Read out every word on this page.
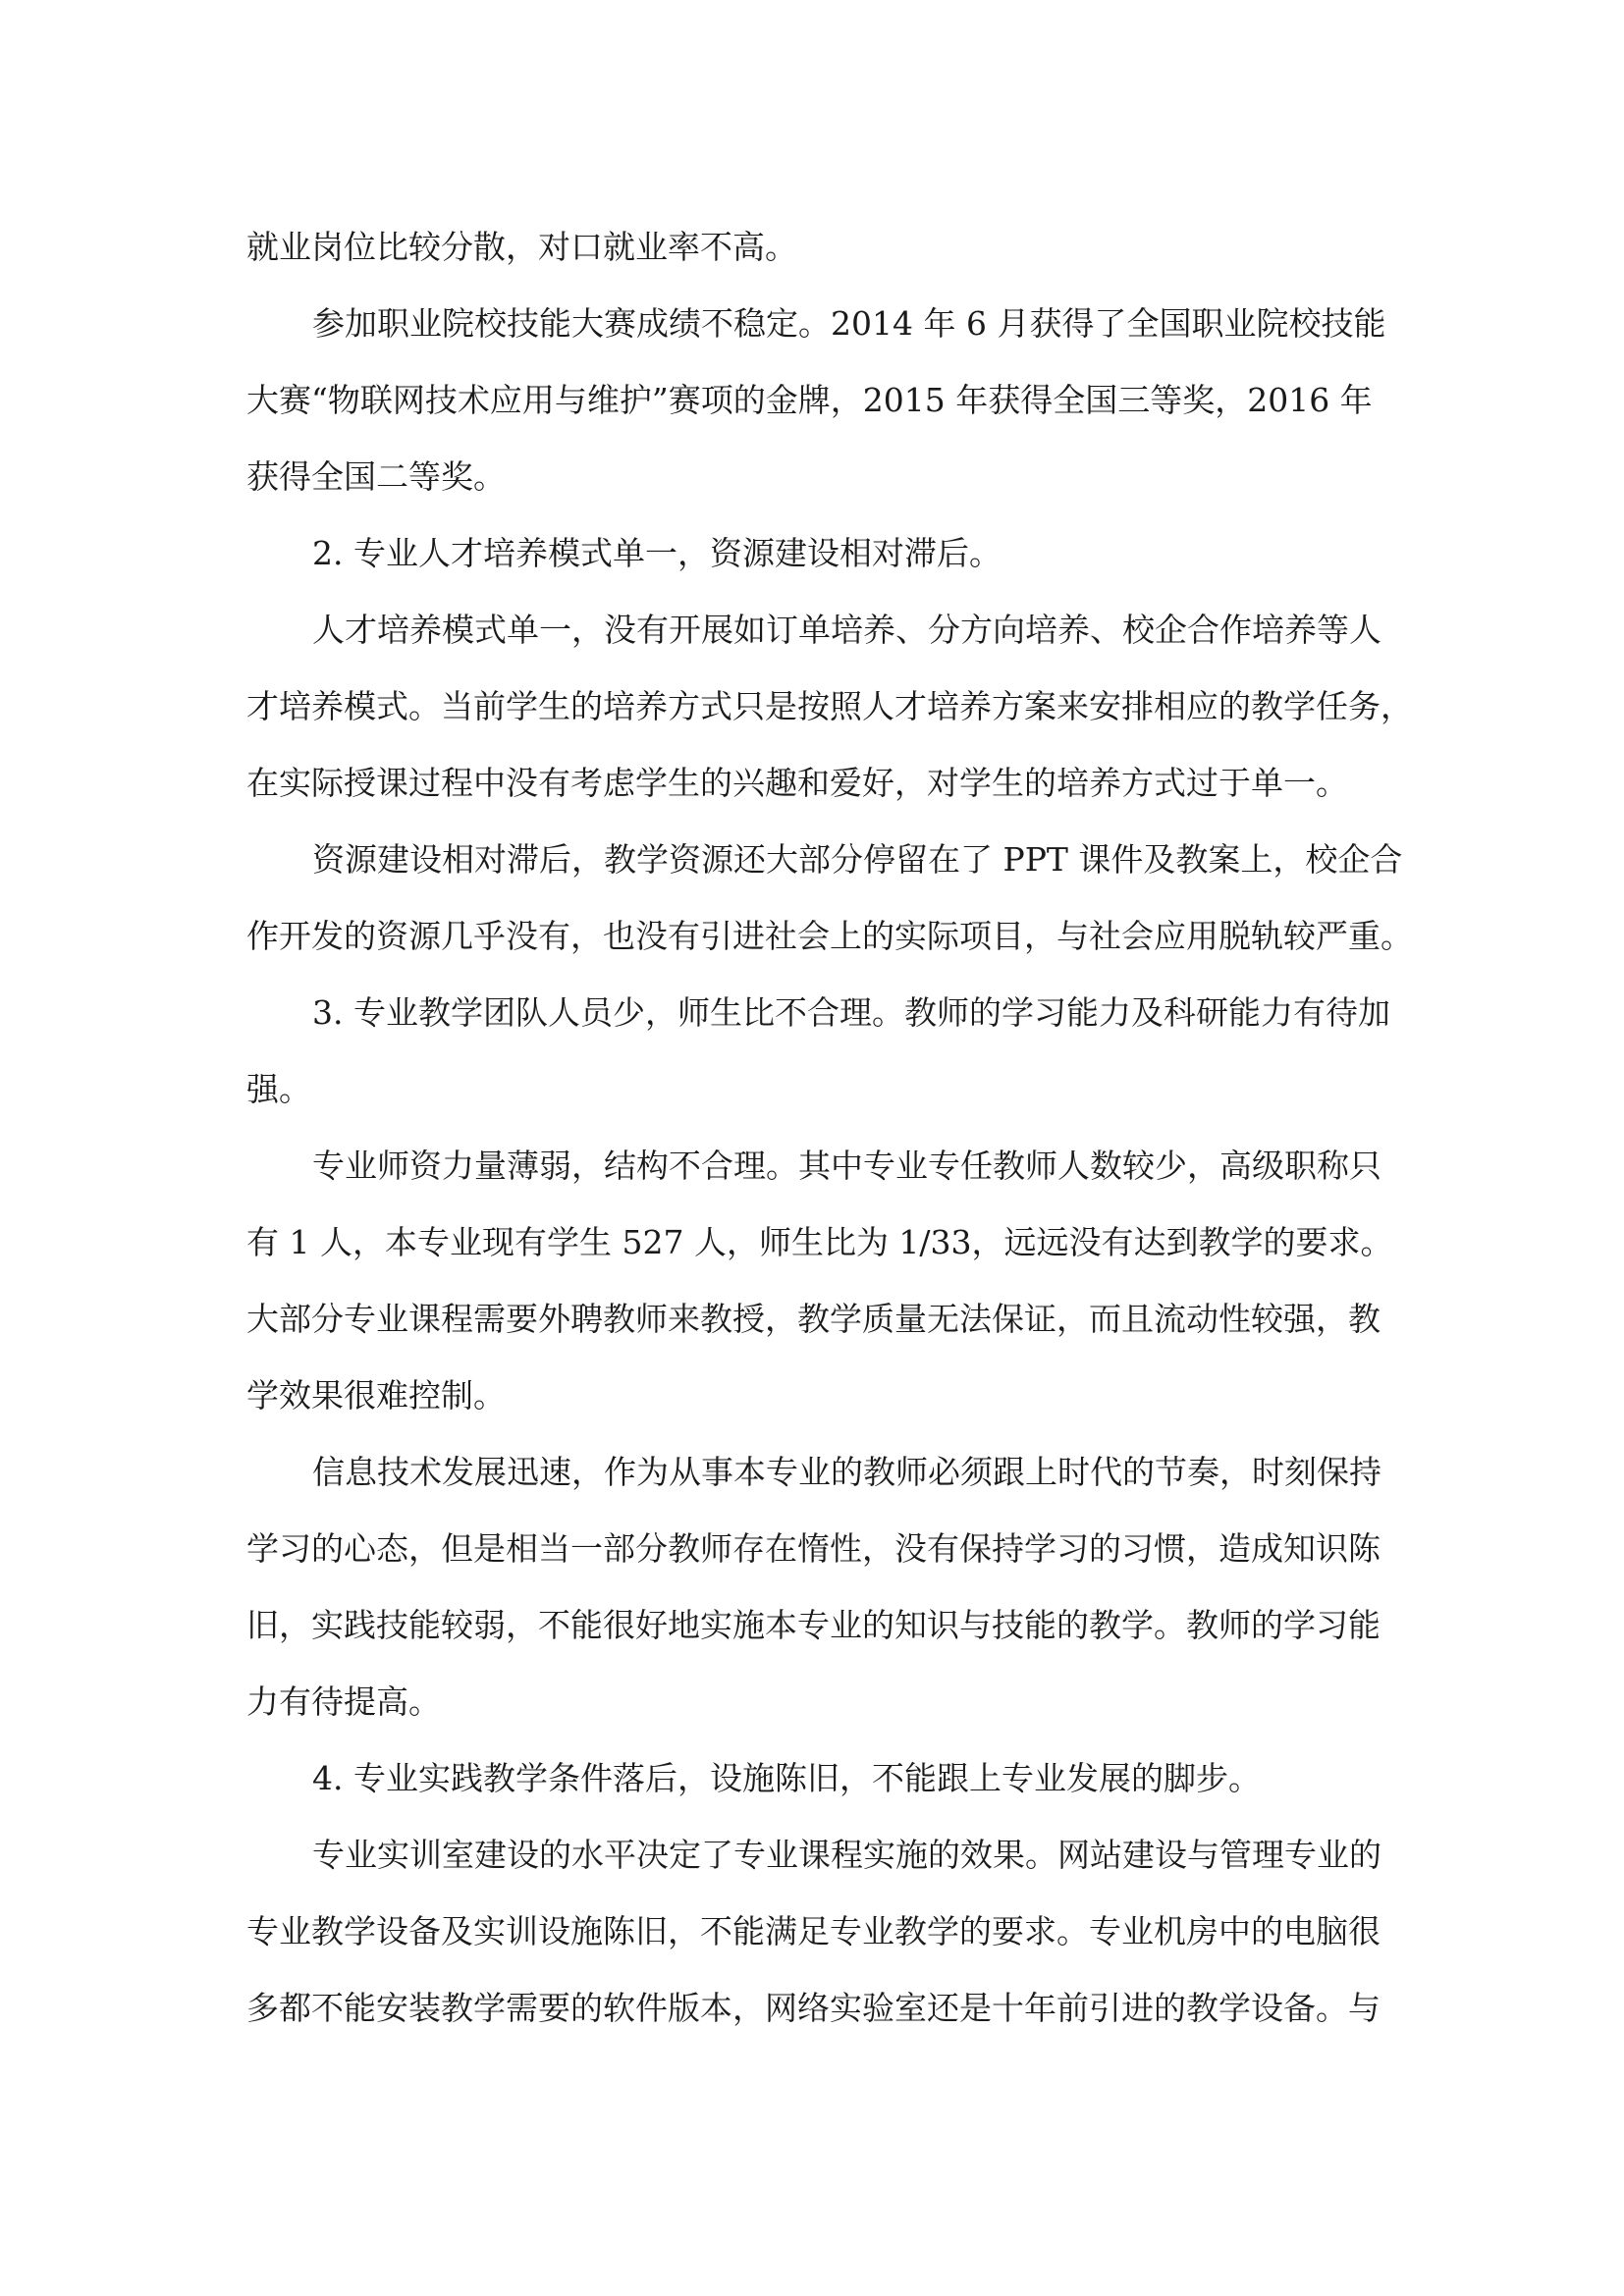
就业岗位比较分散，对口就业率不高。
参加职业院校技能大赛成绩不稳定。2014 年 6 月获得了全国职业院校技能
大赛“物联网技术应用与维护”赛项的金牌，2015 年获得全国三等奖，2016 年
获得全国二等奖。
2. 专业人才培养模式单一，资源建设相对滞后。
人才培养模式单一，没有开展如订单培养、分方向培养、校企合作培养等人
才培养模式。当前学生的培养方式只是按照人才培养方案来安排相应的教学任务，
在实际授课过程中没有考虑学生的兴趣和爱好，对学生的培养方式过于单一。
资源建设相对滞后，教学资源还大部分停留在了 PPT 课件及教案上，校企合
作开发的资源几乎没有，也没有引进社会上的实际项目，与社会应用脱轨较严重。
3. 专业教学团队人员少，师生比不合理。教师的学习能力及科研能力有待加
强。
专业师资力量薄弱，结构不合理。其中专业专任教师人数较少，高级职称只
有 1 人，本专业现有学生 527 人，师生比为 1/33，远远没有达到教学的要求。
大部分专业课程需要外聘教师来教授，教学质量无法保证，而且流动性较强，教
学效果很难控制。
信息技术发展迅速，作为从事本专业的教师必须跟上时代的节奏，时刻保持
学习的心态，但是相当一部分教师存在惰性，没有保持学习的习惯，造成知识陈
旧，实践技能较弱，不能很好地实施本专业的知识与技能的教学。教师的学习能
力有待提高。
4. 专业实践教学条件落后，设施陈旧，不能跟上专业发展的脚步。
专业实训室建设的水平决定了专业课程实施的效果。网站建设与管理专业的
专业教学设备及实训设施陈旧，不能满足专业教学的要求。专业机房中的电脑很
多都不能安装教学需要的软件版本，网络实验室还是十年前引进的教学设备。与
